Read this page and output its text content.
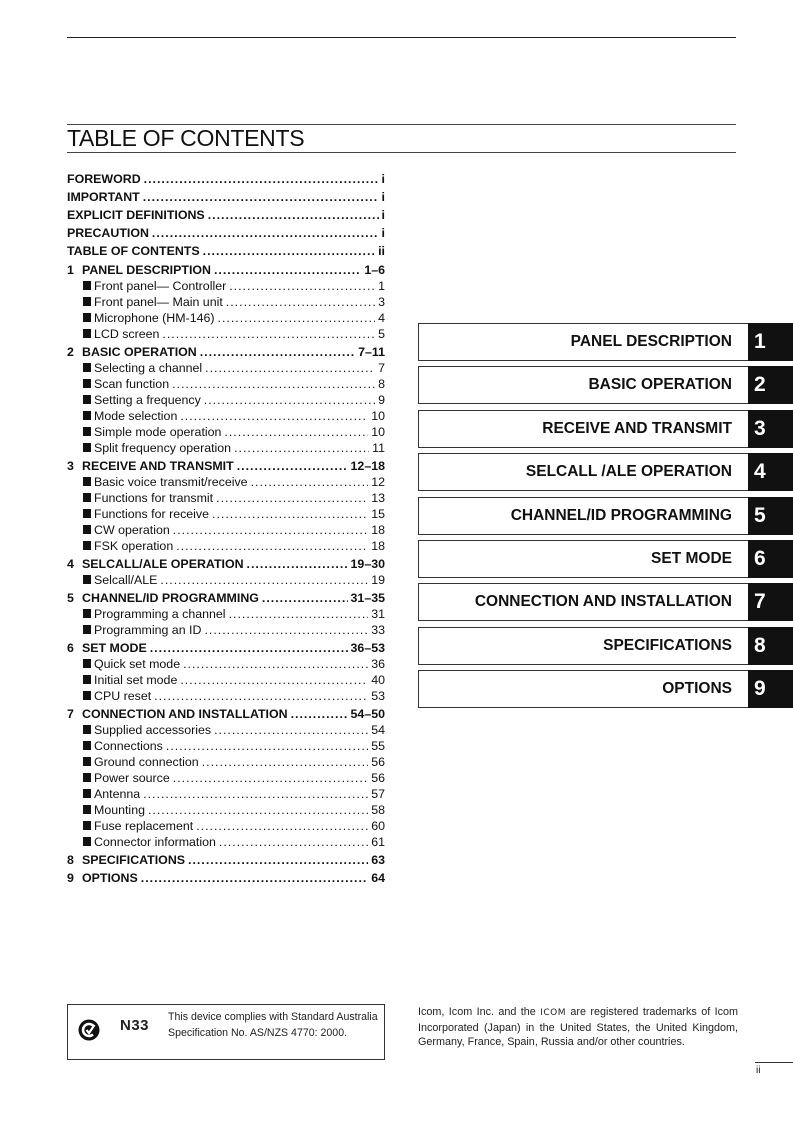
TABLE OF CONTENTS
FOREWORD .....	i
IMPORTANT .....	i
EXPLICIT DEFINITIONS .....	i
PRECAUTION .....	i
TABLE OF CONTENTS .....	ii
1 PANEL DESCRIPTION .....	1–6
Front panel— Controller .....	1
Front panel— Main unit .....	3
Microphone (HM-146) .....	4
LCD screen .....	5
2 BASIC OPERATION .....	7–11
Selecting a channel .....	7
Scan function .....	8
Setting a frequency .....	9
Mode selection .....	10
Simple mode operation .....	10
Split frequency operation .....	11
3 RECEIVE AND TRANSMIT .....	12–18
Basic voice transmit/receive .....	12
Functions for transmit .....	13
Functions for receive .....	15
CW operation .....	18
FSK operation .....	18
4 SELCALL/ALE OPERATION .....	19–30
Selcall/ALE .....	19
5 CHANNEL/ID PROGRAMMING .....	31–35
Programming a channel .....	31
Programming an ID .....	33
6 SET MODE .....	36–53
Quick set mode .....	36
Initial set mode .....	40
CPU reset .....	53
7 CONNECTION AND INSTALLATION .....	54–50
Supplied accessories .....	54
Connections .....	55
Ground connection .....	56
Power source .....	56
Antenna .....	57
Mounting .....	58
Fuse replacement .....	60
Connector information .....	61
8 SPECIFICATIONS .....	63
9 OPTIONS .....	64
PANEL DESCRIPTION 1
BASIC OPERATION 2
RECEIVE AND TRANSMIT 3
SELCALL /ALE OPERATION 4
CHANNEL/ID PROGRAMMING 5
SET MODE 6
CONNECTION AND INSTALLATION 7
SPECIFICATIONS 8
OPTIONS 9
N33 This device complies with Standard Australia Specification No. AS/NZS 4770: 2000.
Icom, Icom Inc. and the ICOM are registered trademarks of Icom Incorporated (Japan) in the United States, the United Kingdom, Germany, France, Spain, Russia and/or other countries.
ii
